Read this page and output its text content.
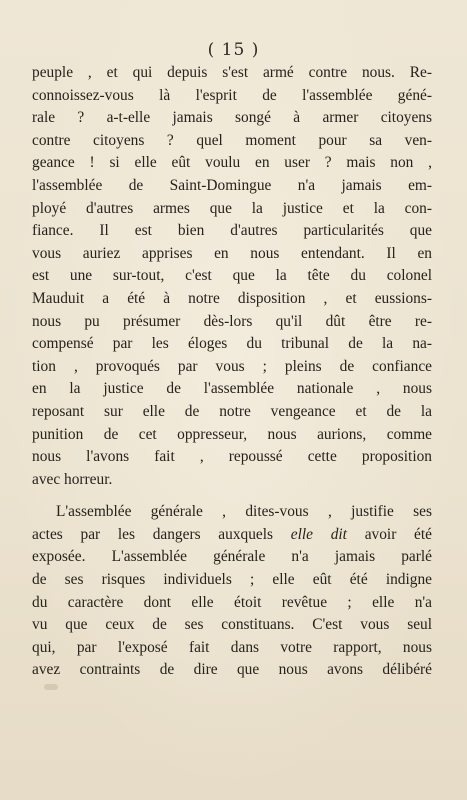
( 15 )
peuple , et qui depuis s'est armé contre nous. Re-
connoissez-vous là l'esprit de l'assemblée géné-
rale ? a-t-elle jamais songé à armer citoyens
contre citoyens ? quel moment pour sa ven-
geance ! si elle eût voulu en user ? mais non ,
l'assemblée de Saint-Domingue n'a jamais em-
ployé d'autres armes que la justice et la con-
fiance. Il est bien d'autres particularités que
vous auriez apprises en nous entendant. Il en
est une sur-tout, c'est que la tête du colonel
Mauduit a été à notre disposition , et eussions-
nous pu présumer dès-lors qu'il dût être re-
compensé par les éloges du tribunal de la na-
tion , provoqués par vous ; pleins de confiance
en la justice de l'assemblée nationale , nous
reposant sur elle de notre vengeance et de la
punition de cet oppresseur, nous aurions, comme
nous l'avons fait , repoussé cette proposition
avec horreur.
L'assemblée générale , dites-vous , justifie ses
actes par les dangers auxquels elle dit avoir été
exposée. L'assemblée générale n'a jamais parlé
de ses risques individuels ; elle eût été indigne
du caractère dont elle étoit revêtue ; elle n'a
vu que ceux de ses constituans. C'est vous seul
qui, par l'exposé fait dans votre rapport, nous
avez contraints de dire que nous avons délibéré
